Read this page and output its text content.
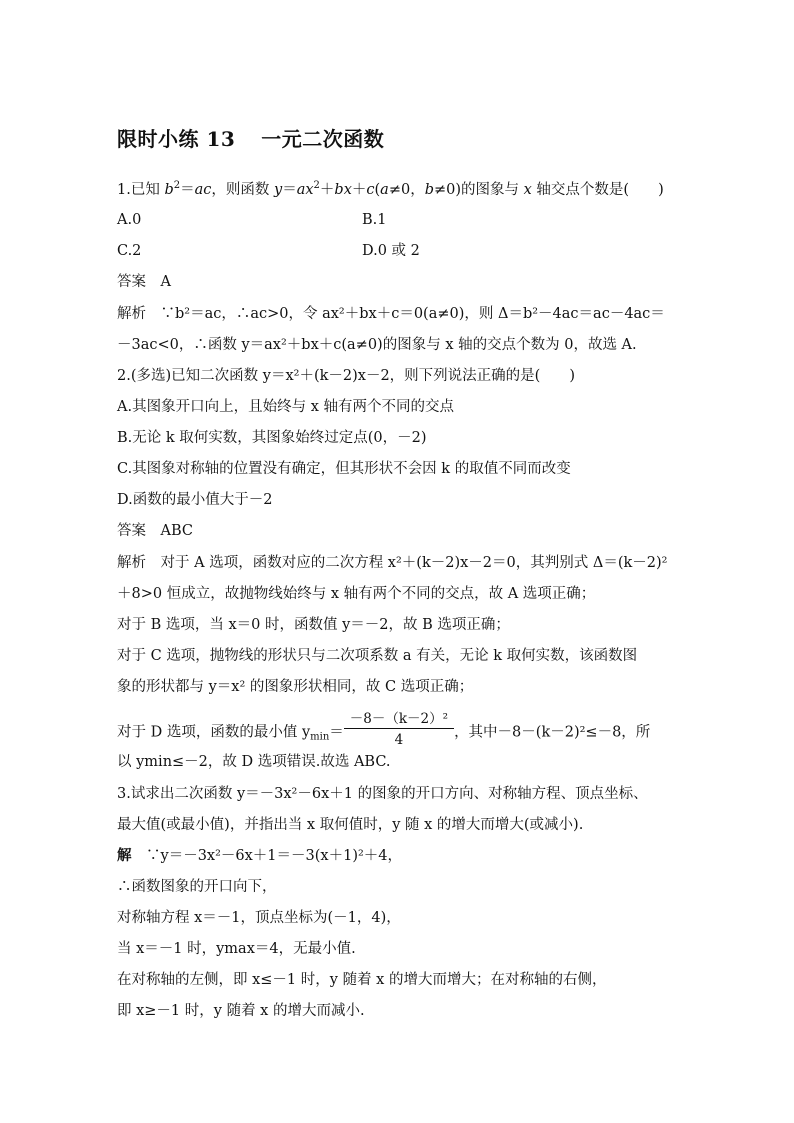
限时小练 13 一元二次函数
1.已知 $b^2=ac$，则函数 $y=ax^2+bx+c(a\ne 0$，b≠0)的图象与 x 轴交点个数是(　　)
A.0	B.1
C.2	D.0 或 2
答案　 A
解析　 ∵b²＝ac，∴ac>0，令 ax²＋bx＋c＝0(a≠0)，则 Δ＝b²－4ac＝ac－4ac＝
－3ac<0，∴函数 y＝ax²＋bx＋c(a≠0)的图象与 x 轴的交点个数为 0，故选 A.
2.(多选)已知二次函数 y＝x²＋(k－2)x－2，则下列说法正确的是(　　)
A.其图象开口向上，且始终与 x 轴有两个不同的交点
B.无论 k 取何实数，其图象始终过定点(0，－2)
C.其图象对称轴的位置没有确定，但其形状不会因 k 的取值不同而改变
D.函数的最小值大于－2
答案　 ABC
解析　 对于 A 选项，函数对应的二次方程 x²＋(k－2)x－2＝0，其判别式 Δ＝(k－2)²
＋8>0 恒成立，故抛物线始终与 x 轴有两个不同的交点，故 A 选项正确；
对于 B 选项，当 x＝0 时，函数值 y＝－2，故 B 选项正确；
对于 C 选项，抛物线的形状只与二次项系数 a 有关，无论 k 取何实数，该函数图
象的形状都与 y＝x² 的图象形状相同，故 C 选项正确；
对于 D 选项，函数的最小值 $y_{min}= \frac{\text{－8－（k－2）²}}{4}$ ，其中－8－(k－2)²≤－8，所
以 ymin≤－2，故 D 选项错误.故选 ABC.
3.试求出二次函数 y＝－3x²－6x＋1 的图象的开口方向、对称轴方程、顶点坐标、
最大值(或最小值)，并指出当 x 取何值时，y 随 x 的增大而增大(或减小).
解　 ∵y＝－3x²－6x＋1＝－3(x＋1)²＋4，
∴函数图象的开口向下，
对称轴方程 x＝－1，顶点坐标为(－1，4)，
当 x＝－1 时，ymax＝4，无最小值.
在对称轴的左侧，即 x≤－1 时，y 随着 x 的增大而增大；在对称轴的右侧，
即 x≥－1 时，y 随着 x 的增大而减小.
